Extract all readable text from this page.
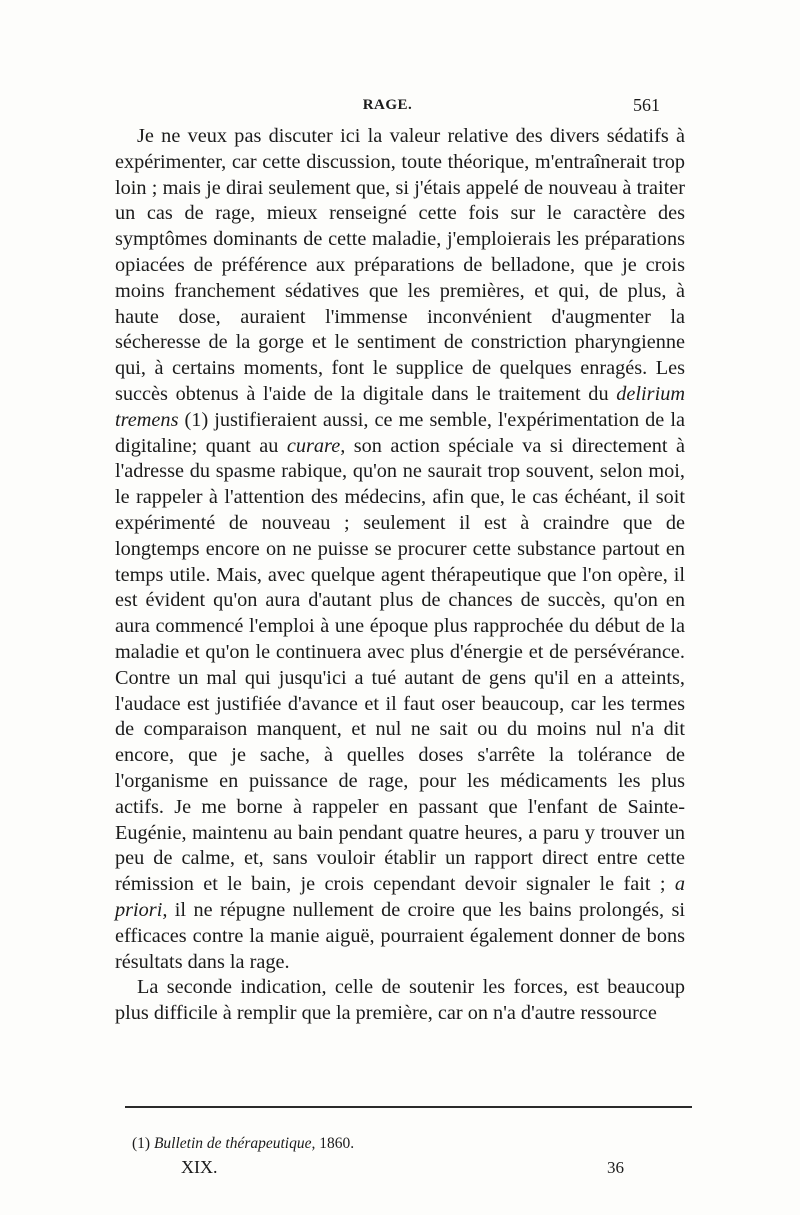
RAGE.	561

Je ne veux pas discuter ici la valeur relative des divers sédatifs à expérimenter, car cette discussion, toute théorique, m'entraînerait trop loin ; mais je dirai seulement que, si j'étais appelé de nouveau à traiter un cas de rage, mieux renseigné cette fois sur le caractère des symptômes dominants de cette maladie, j'emploierais les préparations opiacées de préférence aux préparations de belladone, que je crois moins franchement sédatives que les premières, et qui, de plus, à haute dose, auraient l'immense inconvénient d'augmenter la sécheresse de la gorge et le sentiment de constriction pharyngienne qui, à certains moments, font le supplice de quelques enragés. Les succès obtenus à l'aide de la digitale dans le traitement du delirium tremens (1) justifieraient aussi, ce me semble, l'expérimentation de la digitaline; quant au curare, son action spéciale va si directement à l'adresse du spasme rabique, qu'on ne saurait trop souvent, selon moi, le rappeler à l'attention des médecins, afin que, le cas échéant, il soit expérimenté de nouveau ; seulement il est à craindre que de longtemps encore on ne puisse se procurer cette substance partout en temps utile. Mais, avec quelque agent thérapeutique que l'on opère, il est évident qu'on aura d'autant plus de chances de succès, qu'on en aura commencé l'emploi à une époque plus rapprochée du début de la maladie et qu'on le continuera avec plus d'énergie et de persévérance. Contre un mal qui jusqu'ici a tué autant de gens qu'il en a atteints, l'audace est justifiée d'avance et il faut oser beaucoup, car les termes de comparaison manquent, et nul ne sait ou du moins nul n'a dit encore, que je sache, à quelles doses s'arrête la tolérance de l'organisme en puissance de rage, pour les médicaments les plus actifs. Je me borne à rappeler en passant que l'enfant de Sainte-Eugénie, maintenu au bain pendant quatre heures, a paru y trouver un peu de calme, et, sans vouloir établir un rapport direct entre cette rémission et le bain, je crois cependant devoir signaler le fait ; a priori, il ne répugne nullement de croire que les bains prolongés, si efficaces contre la manie aiguë, pourraient également donner de bons résultats dans la rage.

La seconde indication, celle de soutenir les forces, est beaucoup plus difficile à remplir que la première, car on n'a d'autre ressource

(1) Bulletin de thérapeutique, 1860.
XIX.	36
